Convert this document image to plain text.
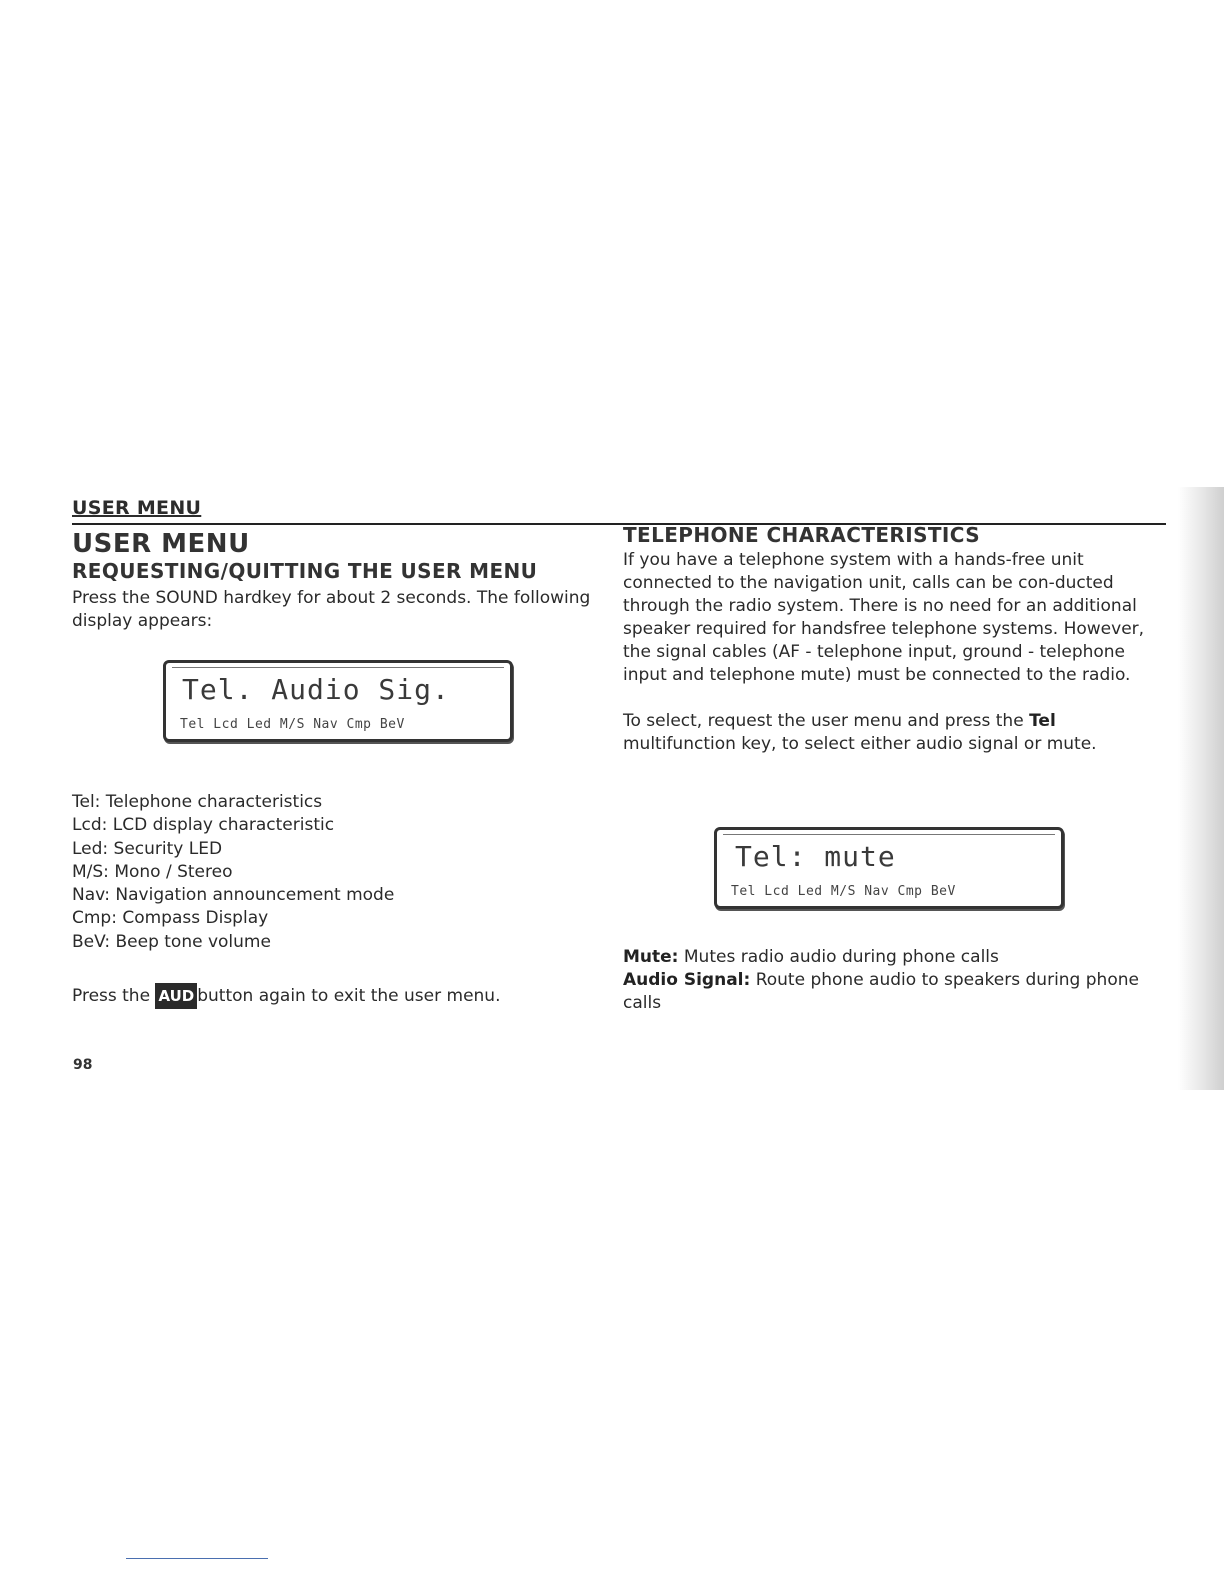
USER MENU
USER MENU
REQUESTING/QUITTING THE USER MENU

Press the SOUND hardkey for about 2 seconds. The following display appears:

Tel. Audio Sig.
Tel Lcd Led M/S Nav Cmp BeV
Tel: Telephone characteristics
Lcd: LCD display characteristic
Led: Security LED
M/S: Mono / Stereo
Nav: Navigation announcement mode
Cmp: Compass Display
BeV: Beep tone volume

Press the AUD button again to exit the user menu.

98
TELEPHONE CHARACTERISTICS

If you have a telephone system with a hands-free unit connected to the navigation unit, calls can be con-ducted through the radio system. There is no need for an additional speaker required for handsfree telephone systems. However, the signal cables (AF - telephone input, ground - telephone input and telephone mute) must be connected to the radio.

To select, request the user menu and press the Tel multifunction key, to select either audio signal or mute.

Tel: mute
Tel Lcd Led M/S Nav Cmp BeV

Mute: Mutes radio audio during phone calls

Audio Signal: Route phone audio to speakers during phone calls
